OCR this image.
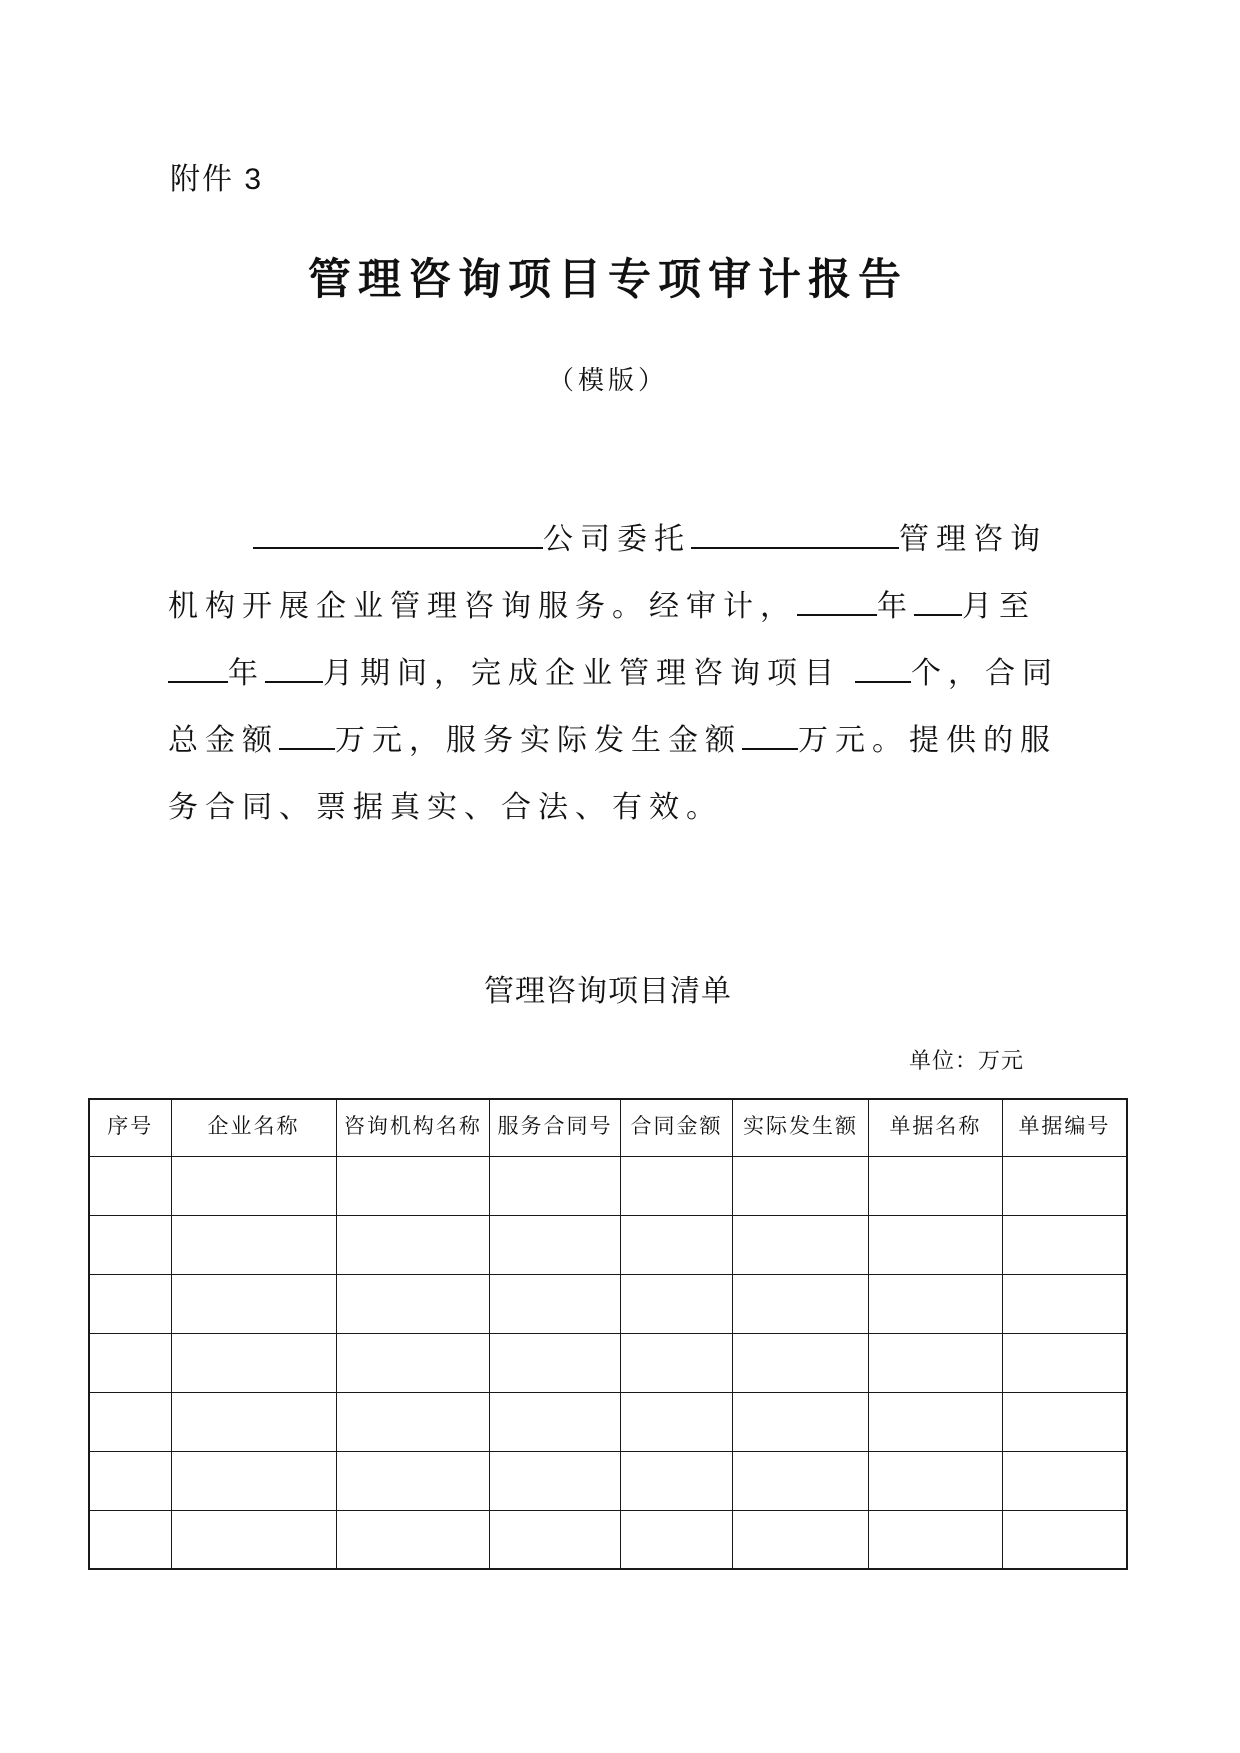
附件 3
管理咨询项目专项审计报告
（模版）
公司委托	管理咨询
机构开展企业管理咨询服务。经审计，	年 月至
年 月期间，完成企业管理咨询项目 个，合同
总金额 万元，服务实际发生金额 万元。提供的服
务合同、票据真实、合法、有效。
管理咨询项目清单
单位：万元
序号	企业名称	咨询机构名称	服务合同号	合同金额	实际发生额	单据名称	单据编号
